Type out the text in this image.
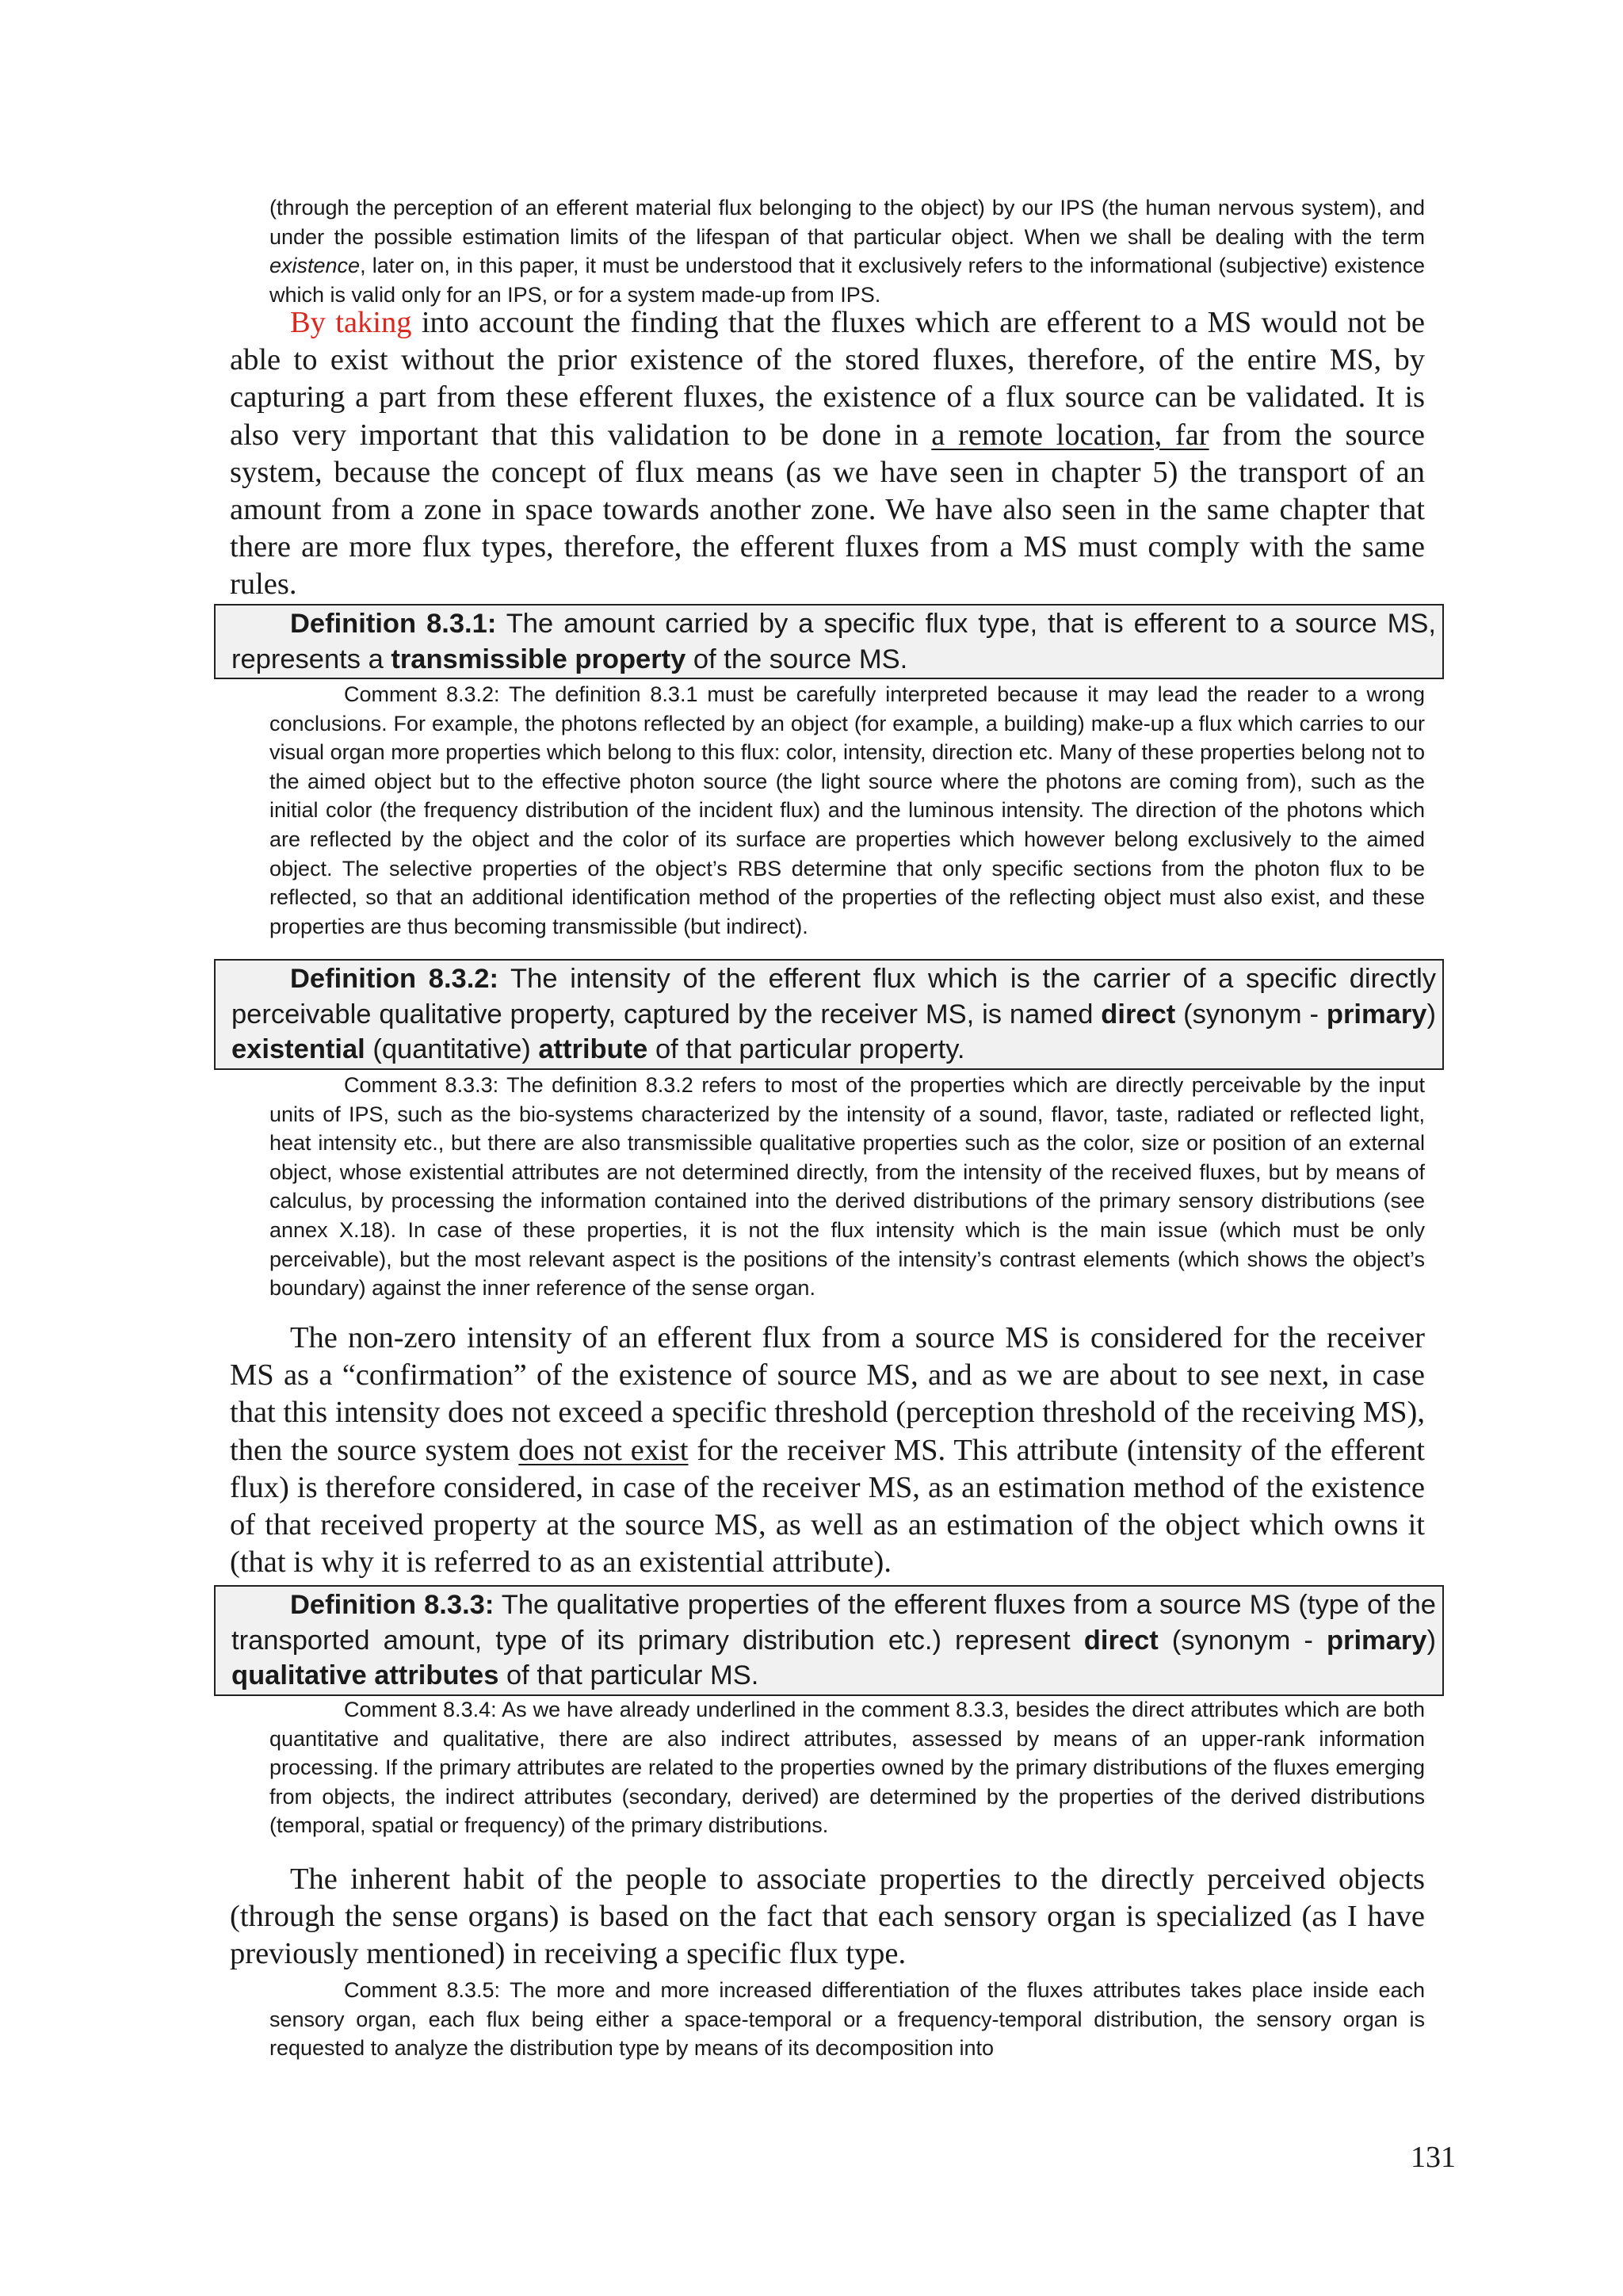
(through the perception of an efferent material flux belonging to the object) by our IPS (the human nervous system), and under the possible estimation limits of the lifespan of that particular object. When we shall be dealing with the term existence, later on, in this paper, it must be understood that it exclusively refers to the informational (subjective) existence which is valid only for an IPS, or for a system made-up from IPS.

By taking into account the finding that the fluxes which are efferent to a MS would not be able to exist without the prior existence of the stored fluxes, therefore, of the entire MS, by capturing a part from these efferent fluxes, the existence of a flux source can be validated. It is also very important that this validation to be done in a remote location, far from the source system, because the concept of flux means (as we have seen in chapter 5) the transport of an amount from a zone in space towards another zone. We have also seen in the same chapter that there are more flux types, therefore, the efferent fluxes from a MS must comply with the same rules.

Definition 8.3.1: The amount carried by a specific flux type, that is efferent to a source MS, represents a transmissible property of the source MS.

Comment 8.3.2: The definition 8.3.1 must be carefully interpreted because it may lead the reader to a wrong conclusions. For example, the photons reflected by an object (for example, a building) make-up a flux which carries to our visual organ more properties which belong to this flux: color, intensity, direction etc. Many of these properties belong not to the aimed object but to the effective photon source (the light source where the photons are coming from), such as the initial color (the frequency distribution of the incident flux) and the luminous intensity. The direction of the photons which are reflected by the object and the color of its surface are properties which however belong exclusively to the aimed object. The selective properties of the object’s RBS determine that only specific sections from the photon flux to be reflected, so that an additional identification method of the properties of the reflecting object must also exist, and these properties are thus becoming transmissible (but indirect).

Definition 8.3.2: The intensity of the efferent flux which is the carrier of a specific directly perceivable qualitative property, captured by the receiver MS, is named direct (synonym - primary) existential (quantitative) attribute of that particular property.

Comment 8.3.3: The definition 8.3.2 refers to most of the properties which are directly perceivable by the input units of IPS, such as the bio-systems characterized by the intensity of a sound, flavor, taste, radiated or reflected light, heat intensity etc., but there are also transmissible qualitative properties such as the color, size or position of an external object, whose existential attributes are not determined directly, from the intensity of the received fluxes, but by means of calculus, by processing the information contained into the derived distributions of the primary sensory distributions (see annex X.18). In case of these properties, it is not the flux intensity which is the main issue (which must be only perceivable), but the most relevant aspect is the positions of the intensity’s contrast elements (which shows the object’s boundary) against the inner reference of the sense organ.

The non-zero intensity of an efferent flux from a source MS is considered for the receiver MS as a “confirmation” of the existence of source MS, and as we are about to see next, in case that this intensity does not exceed a specific threshold (perception threshold of the receiving MS), then the source system does not exist for the receiver MS. This attribute (intensity of the efferent flux) is therefore considered, in case of the receiver MS, as an estimation method of the existence of that received property at the source MS, as well as an estimation of the object which owns it (that is why it is referred to as an existential attribute).

Definition 8.3.3: The qualitative properties of the efferent fluxes from a source MS (type of the transported amount, type of its primary distribution etc.) represent direct (synonym - primary) qualitative attributes of that particular MS.

Comment 8.3.4: As we have already underlined in the comment 8.3.3, besides the direct attributes which are both quantitative and qualitative, there are also indirect attributes, assessed by means of an upper-rank information processing. If the primary attributes are related to the properties owned by the primary distributions of the fluxes emerging from objects, the indirect attributes (secondary, derived) are determined by the properties of the derived distributions (temporal, spatial or frequency) of the primary distributions.

The inherent habit of the people to associate properties to the directly perceived objects (through the sense organs) is based on the fact that each sensory organ is specialized (as I have previously mentioned) in receiving a specific flux type.

Comment 8.3.5: The more and more increased differentiation of the fluxes attributes takes place inside each sensory organ, each flux being either a space-temporal or a frequency-temporal distribution, the sensory organ is requested to analyze the distribution type by means of its decomposition into

131
